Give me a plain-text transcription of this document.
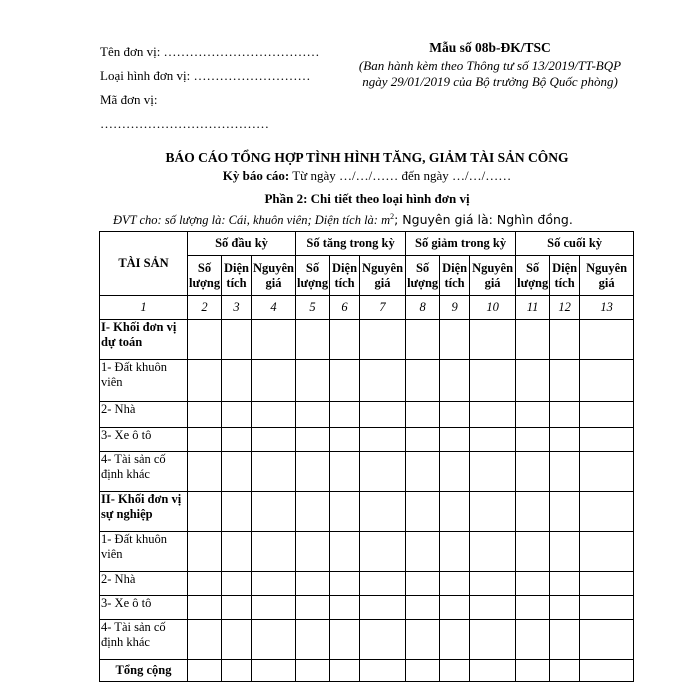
Tên đơn vị: ………………………………
Loại hình đơn vị: ………………………
Mã đơn vị:
…………………………………
Mẫu số 08b-ĐK/TSC
(Ban hành kèm theo Thông tư số 13/2019/TT-BQP
ngày 29/01/2019 của Bộ trưởng Bộ Quốc phòng)
BÁO CÁO TỔNG HỢP TÌNH HÌNH TĂNG, GIẢM TÀI SẢN CÔNG
Kỳ báo cáo: Từ ngày …/…/…… đến ngày …/…/……
Phần 2: Chi tiết theo loại hình đơn vị
ĐVT cho: số lượng là: Cái, khuôn viên; Diện tích là: $m^2$; Nguyên giá là: Nghìn đồng.
TÀI SẢN	Số đầu kỳ			Số tăng trong kỳ			Số giảm trong kỳ			Số cuối kỳ		
	Số lượng	Diện tích	Nguyên giá	Số lượng	Diện tích	Nguyên giá	Số lượng	Diện tích	Nguyên giá	Số lượng	Diện tích	Nguyên giá
1	2	3	4	5	6	7	8	9	10	11	12	13
I- Khối đơn vị dự toán												
1- Đất khuôn viên												
2- Nhà												
3- Xe ô tô												
4- Tài sản cố định khác												
II- Khối đơn vị sự nghiệp												
1- Đất khuôn viên												
2- Nhà												
3- Xe ô tô												
4- Tài sản cố định khác												
Tổng cộng												
